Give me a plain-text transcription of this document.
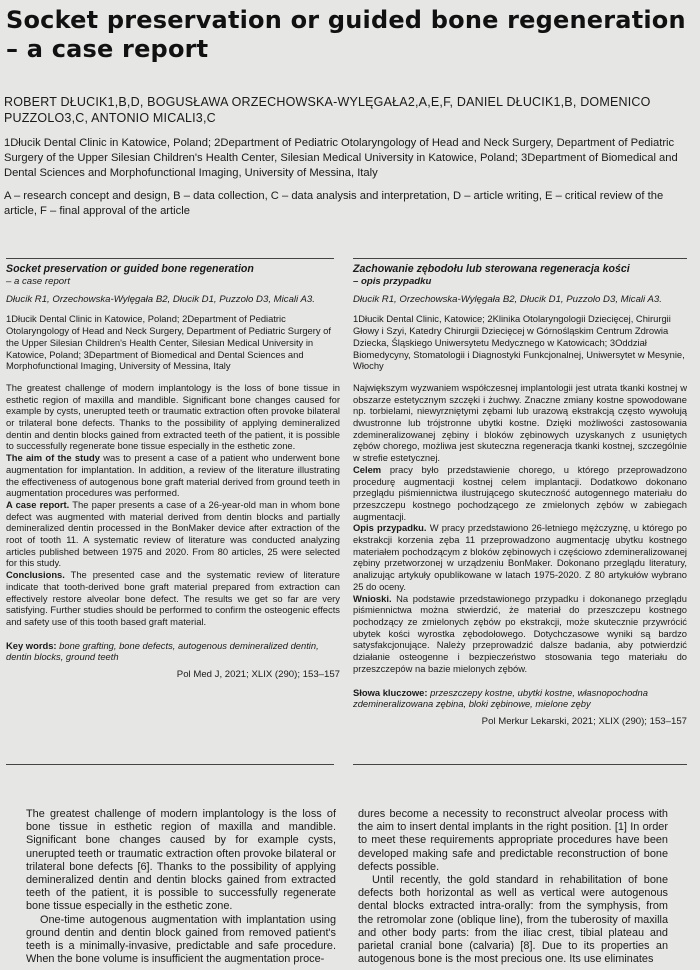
Socket preservation or guided bone regeneration
– a case report

ROBERT DŁUCIK1,B,D, BOGUSŁAWA ORZECHOWSKA-WYLĘGAŁA2,A,E,F, DANIEL DŁUCIK1,B, DOMENICO PUZZOLO3,C, ANTONIO MICALI3,C

1Dłucik Dental Clinic in Katowice, Poland; 2Department of Pediatric Otolaryngology of Head and Neck Surgery, Department of Pediatric Surgery of the Upper Silesian Children's Health Center, Silesian Medical University in Katowice, Poland; 3Department of Biomedical and Dental Sciences and Morphofunctional Imaging, University of Messina, Italy

A – research concept and design, B – data collection, C – data analysis and interpretation, D – article writing, E – critical review of the article, F – final approval of the article

Socket preservation or guided bone regeneration

– a case report

Dłucik R1, Orzechowska-Wylęgała B2, Dłucik D1, Puzzolo D3, Micali A3.

1Dłucik Dental Clinic in Katowice, Poland; 2Department of Pediatric Otolaryngology of Head and Neck Surgery, Department of Pediatric Surgery of the Upper Silesian Children's Health Center, Silesian Medical University in Katowice, Poland; 3Department of Biomedical and Dental Sciences and Morphofunctional Imaging, University of Messina, Italy

The greatest challenge of modern implantology is the loss of bone tissue in esthetic region of maxilla and mandible. Significant bone changes caused for example by cysts, unerupted teeth or traumatic extraction often provoke bilateral or trilateral bone defects. Thanks to the possibility of applying demineralized dentin and dentin blocks gained from extracted teeth of the patient, it is possible to successfully regenerate bone tissue especially in the esthetic zone.

The aim of the study was to present a case of a patient who underwent bone augmentation for implantation. In addition, a review of the literature illustrating the effectiveness of autogenous bone graft material derived from ground teeth in augmentation procedures was performed.

A case report. The paper presents a case of a 26-year-old man in whom bone defect was augmented with material derived from dentin blocks and partially demineralized dentin processed in the BonMaker device after extraction of the root of tooth 11. A systematic review of literature was conducted analyzing articles published between 1975 and 2020. From 80 articles, 25 were selected for this study.

Conclusions. The presented case and the systematic review of literature indicate that tooth-derived bone graft material prepared from extraction can effectively restore alveolar bone defect. The results we get so far are very satisfying. Further studies should be performed to confirm the osteogenic effects and safety use of this tooth based graft material.

Key words: bone grafting, bone defects, autogenous demineralized dentin, dentin blocks, ground teeth

Pol Med J, 2021; XLIX (290); 153–157

Zachowanie zębodołu lub sterowana regeneracja kości

– opis przypadku

Dłucik R1, Orzechowska-Wylęgała B2, Dłucik D1, Puzzolo D3, Micali A3.

1Dłucik Dental Clinic, Katowice; 2Klinika Otolaryngologii Dziecięcej, Chirurgii Głowy i Szyi, Katedry Chirurgii Dziecięcej w Górnośląskim Centrum Zdrowia Dziecka, Śląskiego Uniwersytetu Medycznego w Katowicach; 3Oddział Biomedycyny, Stomatologii i Diagnostyki Funkcjonalnej, Uniwersytet w Mesynie, Włochy

Największym wyzwaniem współczesnej implantologii jest utrata tkanki kostnej w obszarze estetycznym szczęki i żuchwy. Znaczne zmiany kostne spowodowane np. torbielami, niewyrzniętymi zębami lub urazową ekstrakcją często wywołują dwustronne lub trójstronne ubytki kostne. Dzięki możliwości zastosowania zdemineralizowanej zębiny i bloków zębinowych uzyskanych z usuniętych zębów chorego, możliwa jest skuteczna regeneracja tkanki kostnej, szczególnie w strefie estetycznej.

Celem pracy było przedstawienie chorego, u którego przeprowadzono procedurę augmentacji kostnej celem implantacji. Dodatkowo dokonano przeglądu piśmiennictwa ilustrującego skuteczność autogennego materiału do przeszczepu kostnego pochodzącego ze zmielonych zębów w zabiegach augmentacji.

Opis przypadku. W pracy przedstawiono 26-letniego mężczyznę, u którego po ekstrakcji korzenia zęba 11 przeprowadzono augmentację ubytku kostnego materiałem pochodzącym z bloków zębinowych i częściowo zdemineralizowanej zębiny przetworzonej w urządzeniu BonMaker. Dokonano przeglądu literatury, analizując artykuły opublikowane w latach 1975-2020. Z 80 artykułów wybrano 25 do oceny.

Wnioski. Na podstawie przedstawionego przypadku i dokonanego przeglądu piśmiennictwa można stwierdzić, że materiał do przeszczepu kostnego pochodzący ze zmielonych zębów po ekstrakcji, może skutecznie przywrócić ubytek kości wyrostka zębodołowego. Dotychczasowe wyniki są bardzo satysfakcjonujące. Należy przeprowadzić dalsze badania, aby potwierdzić działanie osteogenne i bezpieczeństwo stosowania tego materiału do przeszczepów na bazie mielonych zębów.

Słowa kluczowe: przeszczepy kostne, ubytki kostne, własnopochodna zdemineralizowana zębina, bloki zębinowe, mielone zęby

Pol Merkur Lekarski, 2021; XLIX (290); 153–157

The greatest challenge of modern implantology is the loss of bone tissue in esthetic region of maxilla and mandible. Significant bone changes caused by for example cysts, unerupted teeth or traumatic extraction often provoke bilateral or trilateral bone defects [6]. Thanks to the possibility of applying demineralized dentin and dentin blocks gained from extracted teeth of the patient, it is possible to successfully regenerate bone tissue especially in the esthetic zone.

One-time autogenous augmentation with implantation using ground dentin and dentin block gained from removed patient's teeth is a minimally-invasive, predictable and safe procedure. When the bone volume is insufficient the augmentation proce-

dures become a necessity to reconstruct alveolar process with the aim to insert dental implants in the right position. [1] In order to meet these requirements appropriate procedures have been developed making safe and predictable reconstruction of bone defects possible.

Until recently, the gold standard in rehabilitation of bone defects both horizontal as well as vertical were autogenous dental blocks extracted intra-orally: from the symphysis, from the retromolar zone (oblique line), from the tuberosity of maxilla and other body parts: from the iliac crest, tibial plateau and parietal cranial bone (calvaria) [8]. Due to its properties an autogenous bone is the most precious one. Its use eliminates
